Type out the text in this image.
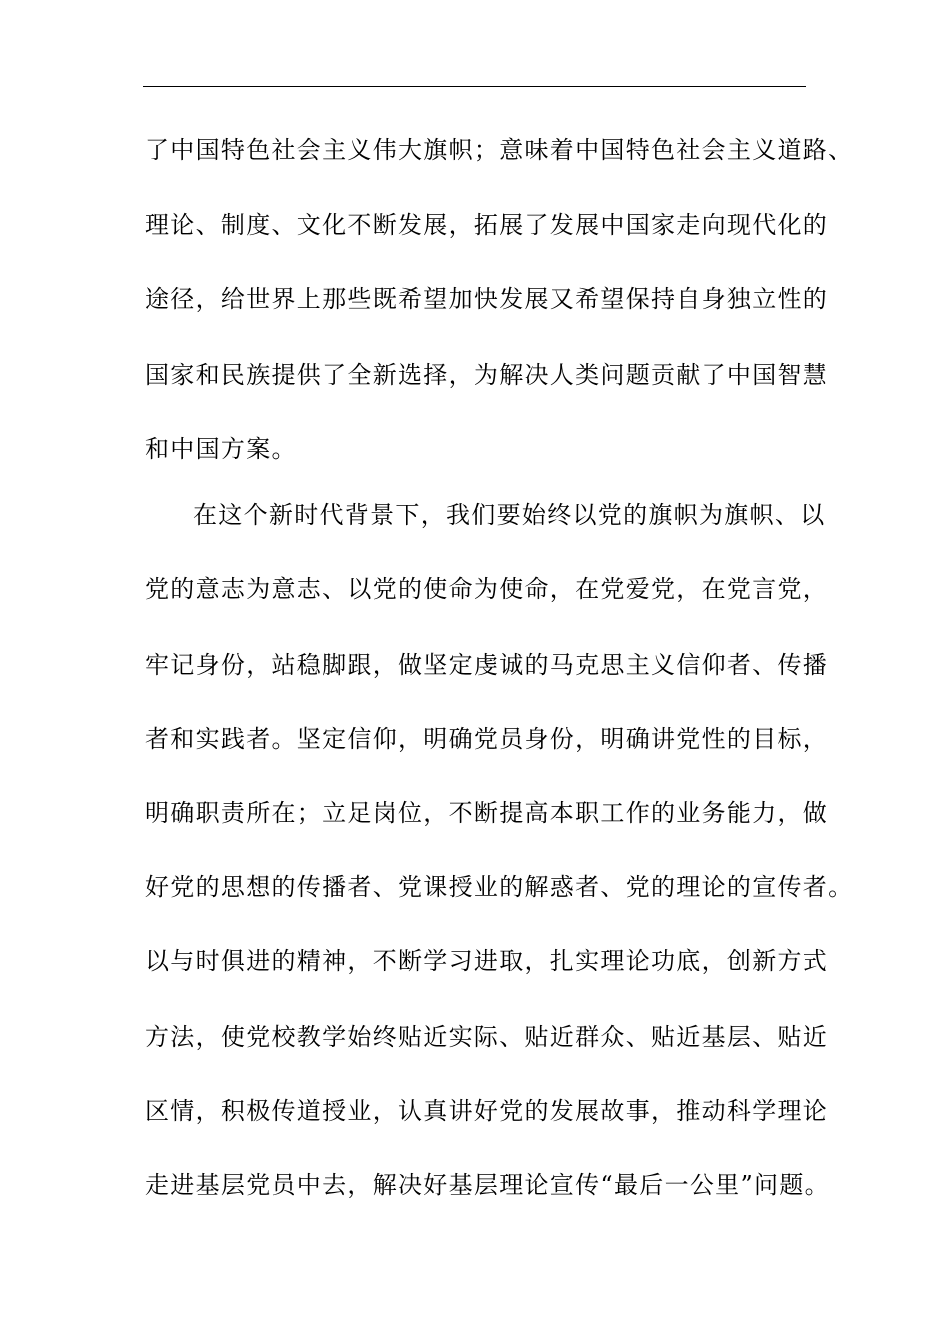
了中国特色社会主义伟大旗帜；意味着中国特色社会主义道路、
理论、制度、文化不断发展，拓展了发展中国家走向现代化的
途径，给世界上那些既希望加快发展又希望保持自身独立性的
国家和民族提供了全新选择，为解决人类问题贡献了中国智慧
和中国方案。
在这个新时代背景下，我们要始终以党的旗帜为旗帜、以
党的意志为意志、以党的使命为使命，在党爱党，在党言党，
牢记身份，站稳脚跟，做坚定虔诚的马克思主义信仰者、传播
者和实践者。坚定信仰，明确党员身份，明确讲党性的目标，
明确职责所在；立足岗位，不断提高本职工作的业务能力，做
好党的思想的传播者、党课授业的解惑者、党的理论的宣传者。
以与时俱进的精神，不断学习进取，扎实理论功底，创新方式
方法，使党校教学始终贴近实际、贴近群众、贴近基层、贴近
区情，积极传道授业，认真讲好党的发展故事，推动科学理论
走进基层党员中去，解决好基层理论宣传“最后一公里”问题。
